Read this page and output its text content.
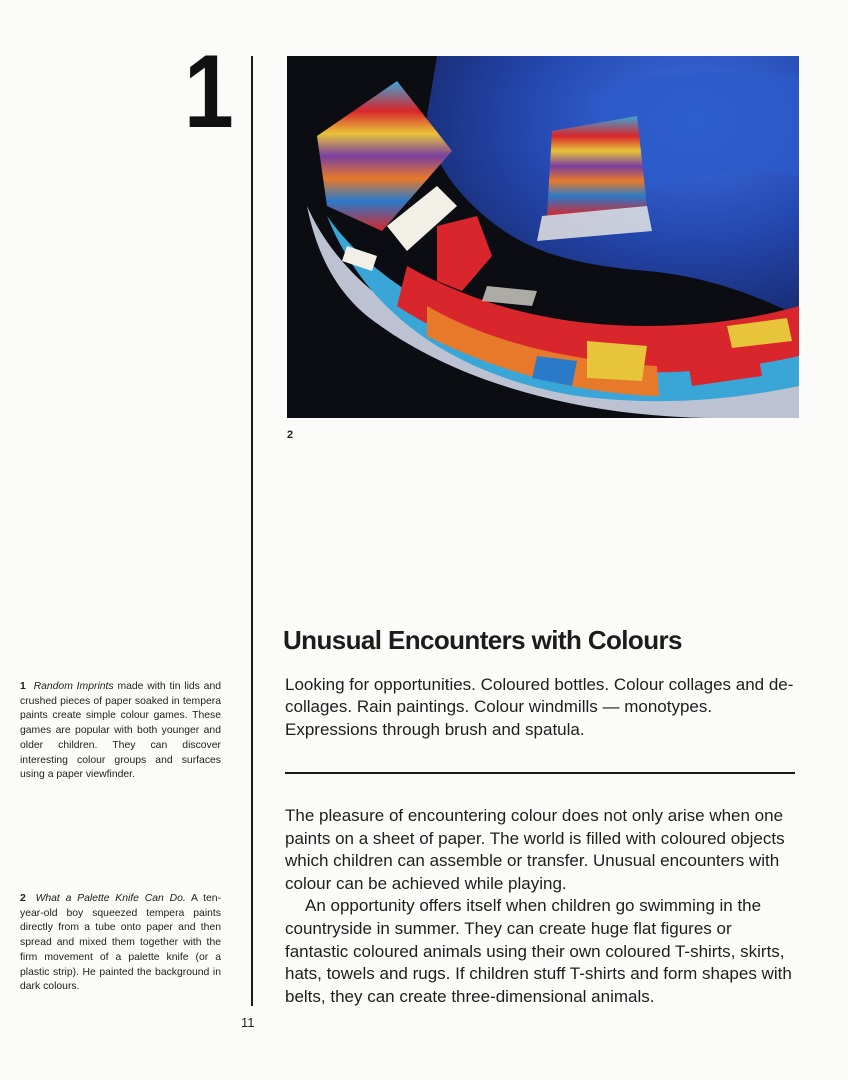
1
1 Random Imprints made with tin lids and crushed pieces of paper soaked in tempera paints create simple colour games. These games are popular with both younger and older children. They can discover interesting colour groups and surfaces using a paper viewfinder.
2 What a Palette Knife Can Do. A ten-year-old boy squeezed tempera paints directly from a tube onto paper and then spread and mixed them together with the firm movement of a palette knife (or a plastic strip). He painted the background in dark colours.
11
2
Unusual Encounters with Colours

Looking for opportunities. Coloured bottles. Colour collages and de-collages. Rain paintings. Colour windmills — monotypes. Expressions through brush and spatula.

The pleasure of encountering colour does not only arise when one paints on a sheet of paper. The world is filled with coloured objects which children can assemble or transfer. Unusual encounters with colour can be achieved while playing.

An opportunity offers itself when children go swimming in the countryside in summer. They can create huge flat figures or fantastic coloured animals using their own coloured T-shirts, skirts, hats, towels and rugs. If children stuff T-shirts and form shapes with belts, they can create three-dimensional animals.
